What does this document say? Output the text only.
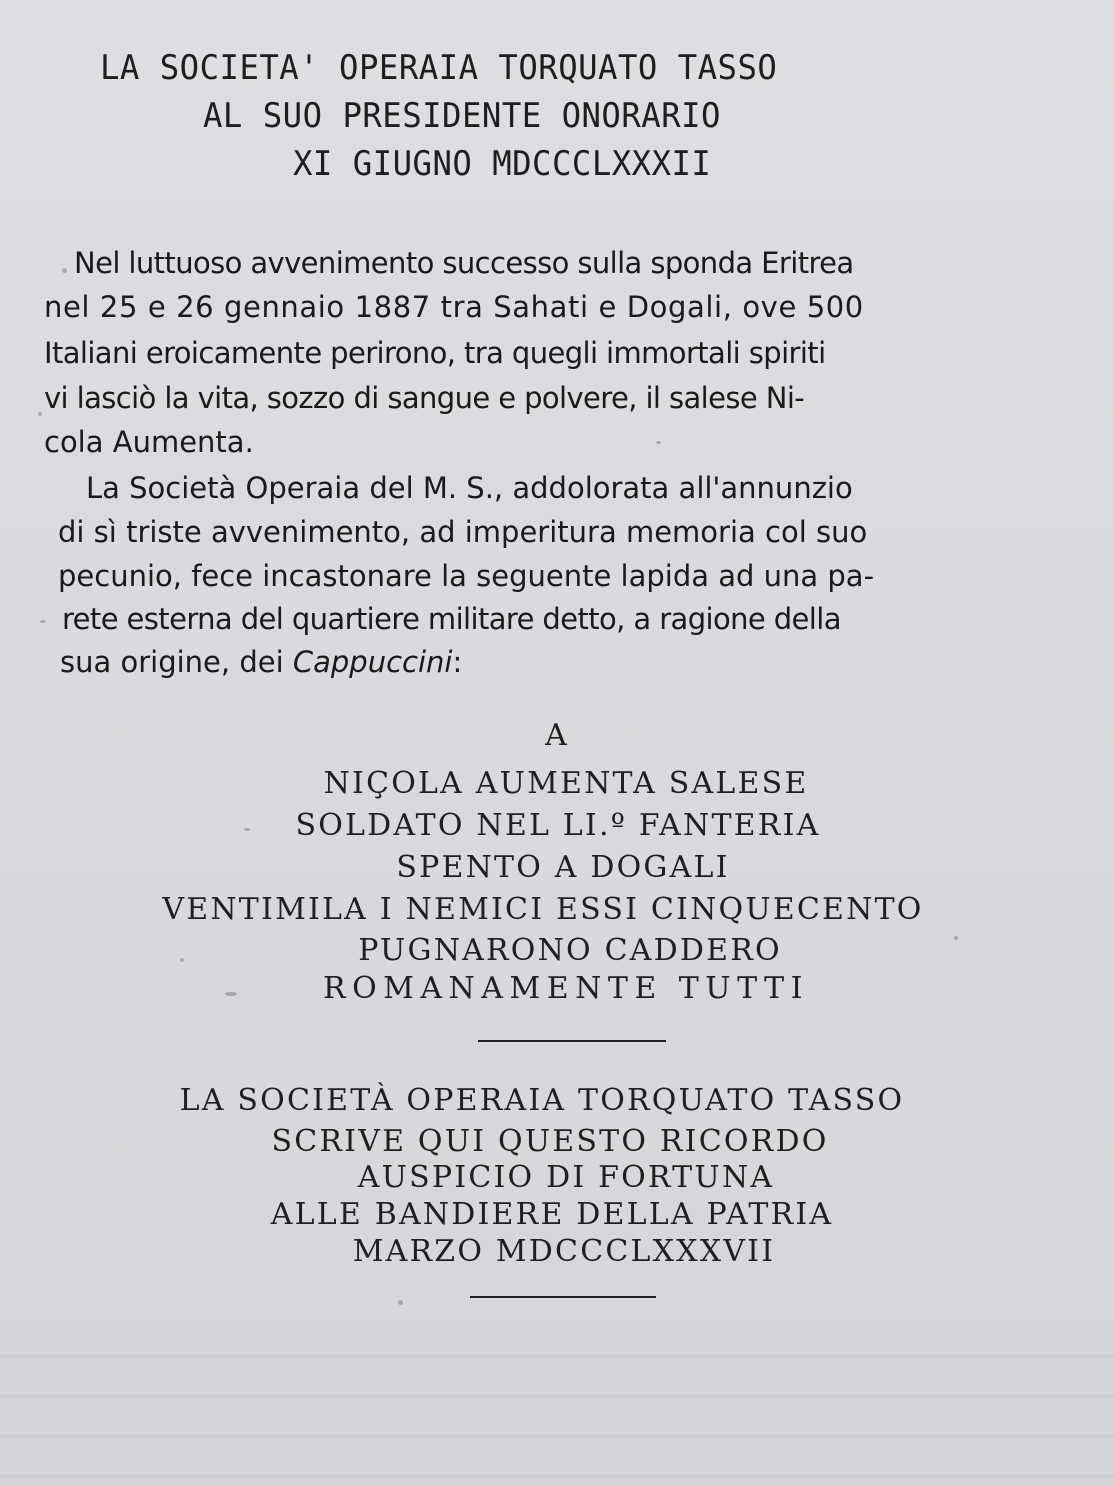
LA SOCIETA' OPERAIA TORQUATO TASSO

AL SUO PRESIDENTE ONORARIO

XI GIUGNO MDCCCLXXXII

Nel luttuoso avvenimento successo sulla sponda Eritrea

nel 25 e 26 gennaio 1887 tra Sahati e Dogali, ove 500

Italiani eroicamente perirono, tra quegli immortali spiriti

vi lasciò la vita, sozzo di sangue e polvere, il salese Ni-

cola Aumenta.

La Società Operaia del M. S., addolorata all'annunzio

di sì triste avvenimento, ad imperitura memoria col suo

pecunio, fece incastonare la seguente lapida ad una pa-

rete esterna del quartiere militare detto, a ragione della

sua origine, dei Cappuccini:

A

NIÇOLA AUMENTA SALESE

SOLDATO NEL LI.º FANTERIA

SPENTO A DOGALI

VENTIMILA I NEMICI ESSI CINQUECENTO

PUGNARONO CADDERO

ROMANAMENTE TUTTI

LA SOCIETÀ OPERAIA TORQUATO TASSO

SCRIVE QUI QUESTO RICORDO

AUSPICIO DI FORTUNA

ALLE BANDIERE DELLA PATRIA

MARZO MDCCCLXXXVII
